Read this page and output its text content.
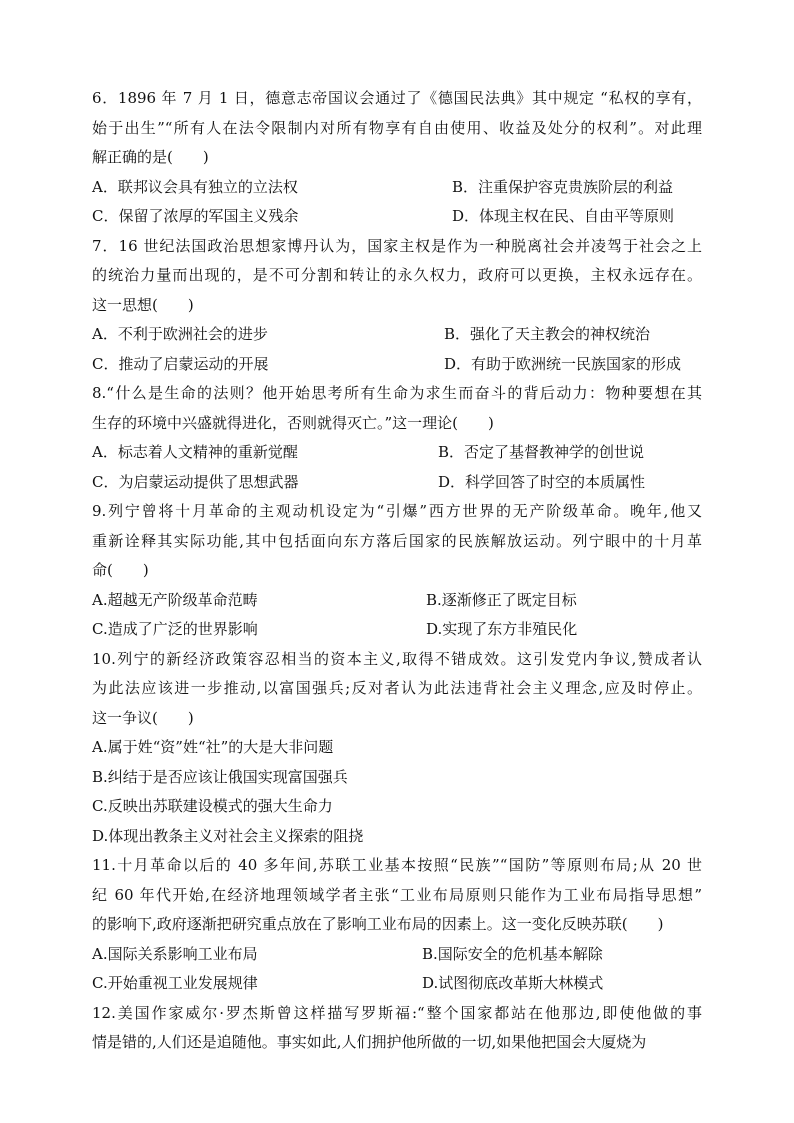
6．1896 年 7 月 1 日，德意志帝国议会通过了《德国民法典》其中规定 “私权的享有，
始于出生”“所有人在法令限制内对所有物享有自由使用、收益及处分的权利”。对此理
解正确的是(　　)
A．联邦议会具有独立的立法权	B．注重保护容克贵族阶层的利益
C．保留了浓厚的军国主义残余	D．体现主权在民、自由平等原则
7．16 世纪法国政治思想家博丹认为，国家主权是作为一种脱离社会并凌驾于社会之上
的统治力量而出现的，是不可分割和转让的永久权力，政府可以更换，主权永远存在。
这一思想(　　)
A．不利于欧洲社会的进步	B．强化了天主教会的神权统治
C．推动了启蒙运动的开展	D．有助于欧洲统一民族国家的形成
8.“什么是生命的法则？他开始思考所有生命为求生而奋斗的背后动力：物种要想在其
生存的环境中兴盛就得进化，否则就得灭亡。”这一理论(　　)
A．标志着人文精神的重新觉醒	B．否定了基督教神学的创世说
C．为启蒙运动提供了思想武器	D．科学回答了时空的本质属性
9.列宁曾将十月革命的主观动机设定为“引爆”西方世界的无产阶级革命。晚年,他又
重新诠释其实际功能,其中包括面向东方落后国家的民族解放运动。列宁眼中的十月革
命(　　)
A.超越无产阶级革命范畴	B.逐渐修正了既定目标
C.造成了广泛的世界影响	D.实现了东方非殖民化
10.列宁的新经济政策容忍相当的资本主义,取得不错成效。这引发党内争议,赞成者认
为此法应该进一步推动,以富国强兵;反对者认为此法违背社会主义理念,应及时停止。
这一争议(　　)
A.属于姓“资”姓“社”的大是大非问题
B.纠结于是否应该让俄国实现富国强兵
C.反映出苏联建设模式的强大生命力
D.体现出教条主义对社会主义探索的阻挠
11.十月革命以后的 40 多年间,苏联工业基本按照“民族”“国防”等原则布局;从 20 世
纪 60 年代开始,在经济地理领域学者主张“工业布局原则只能作为工业布局指导思想”
的影响下,政府逐渐把研究重点放在了影响工业布局的因素上。这一变化反映苏联(　　)
A.国际关系影响工业布局	B.国际安全的危机基本解除
C.开始重视工业发展规律	D.试图彻底改革斯大林模式
12.美国作家威尔·罗杰斯曾这样描写罗斯福:“整个国家都站在他那边,即使他做的事
情是错的,人们还是追随他。事实如此,人们拥护他所做的一切,如果他把国会大厦烧为
